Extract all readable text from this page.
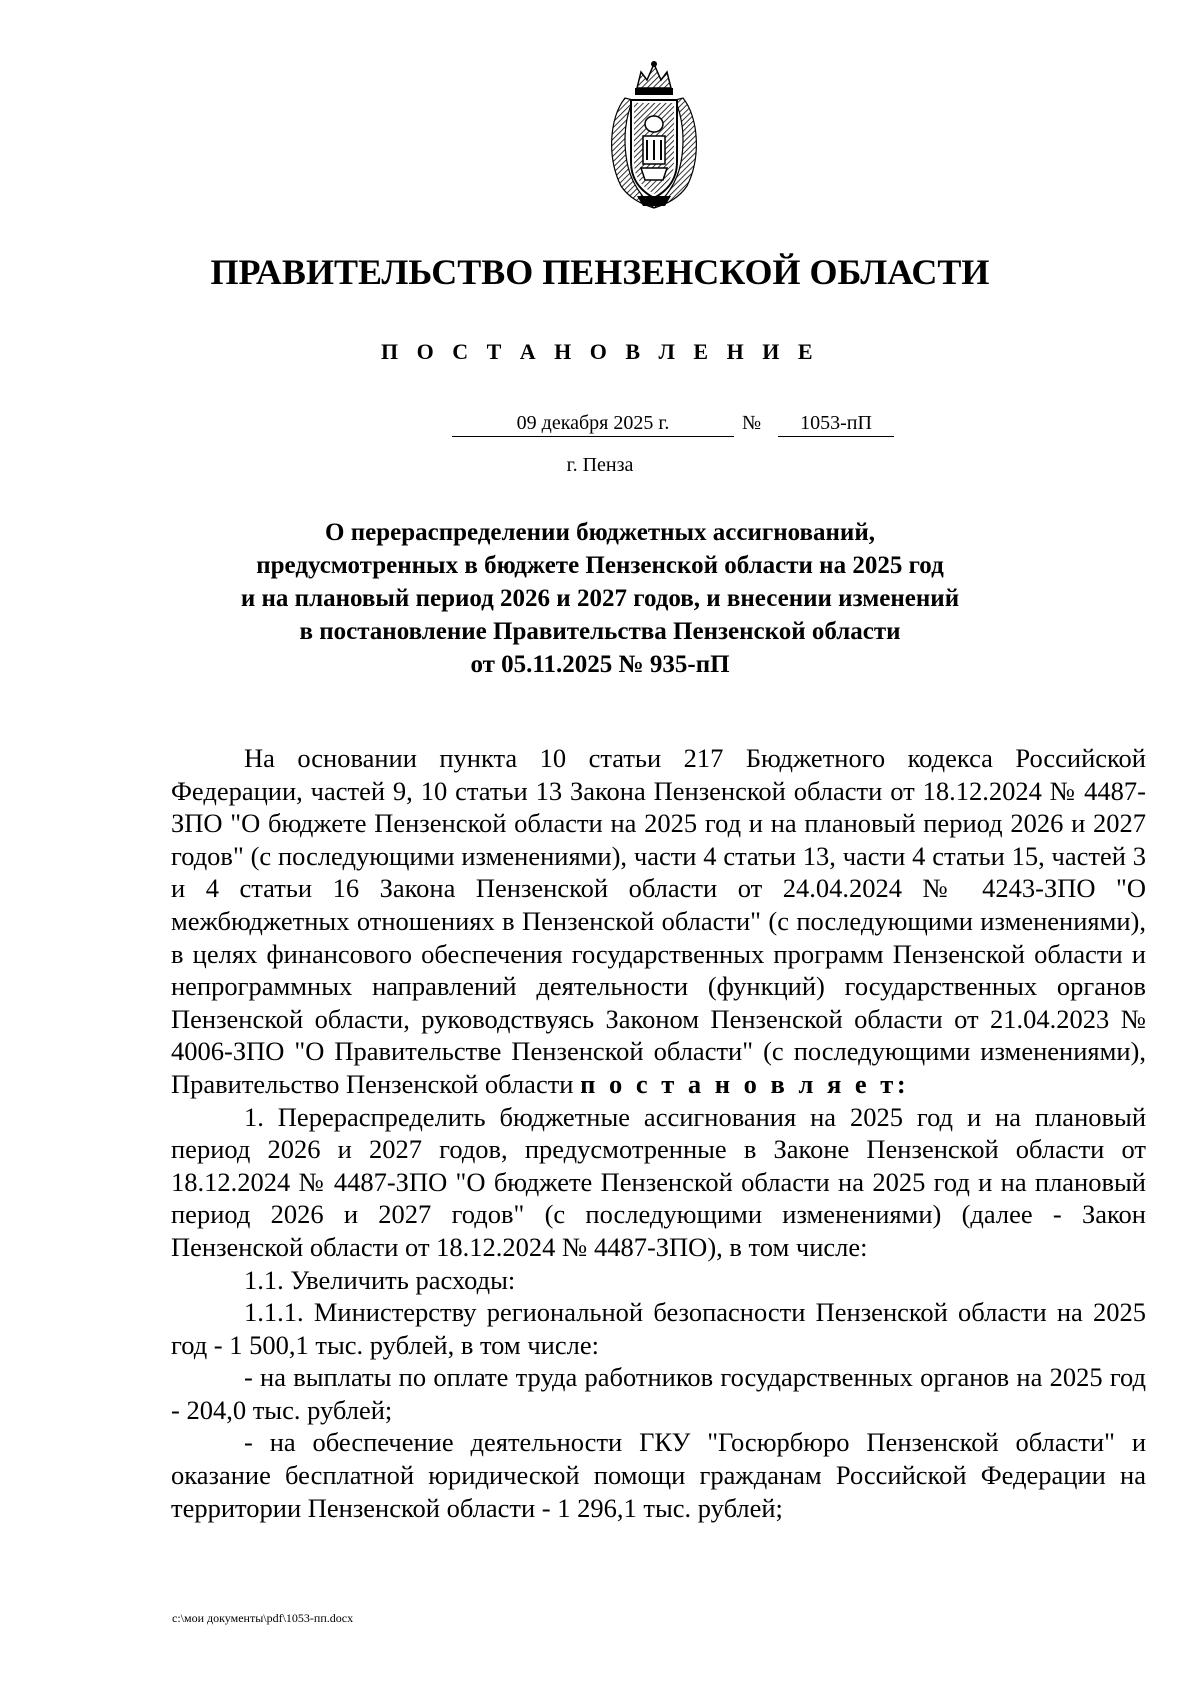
ПРАВИТЕЛЬСТВО ПЕНЗЕНСКОЙ ОБЛАСТИ
П О С Т А Н О В Л Е Н И Е
09 декабря 2025 г.	№	1053-пП
г. Пенза
О перераспределении бюджетных ассигнований,
предусмотренных в бюджете Пензенской области на 2025 год
и на плановый период 2026 и 2027 годов, и внесении изменений
в постановление Правительства Пензенской области
от 05.11.2025 № 935-пП

На основании пункта 10 статьи 217 Бюджетного кодекса Российской Федерации, частей 9, 10 статьи 13 Закона Пензенской области от 18.12.2024 № 4487-ЗПО "О бюджете Пензенской области на 2025 год и на плановый период 2026 и 2027 годов" (с последующими изменениями), части 4 статьи 13, части 4 статьи 15, частей 3 и 4 статьи 16 Закона Пензенской области от 24.04.2024 № 4243-ЗПО "О межбюджетных отношениях в Пензенской области" (с последующими изменениями), в целях финансового обеспечения государственных программ Пензенской области и непрограммных направлений деятельности (функций) государственных органов Пензенской области, руководствуясь Законом Пензенской области от 21.04.2023 № 4006-ЗПО "О Правительстве Пензенской области" (с последующими изменениями), Правительство Пензенской области п о с т а н о в л я е т:

1. Перераспределить бюджетные ассигнования на 2025 год и на плановый период 2026 и 2027 годов, предусмотренные в Законе Пензенской области от 18.12.2024 № 4487-ЗПО "О бюджете Пензенской области на 2025 год и на плановый период 2026 и 2027 годов" (с последующими изменениями) (далее - Закон Пензенской области от 18.12.2024 № 4487-ЗПО), в том числе:

1.1. Увеличить расходы:

1.1.1. Министерству региональной безопасности Пензенской области на 2025 год - 1 500,1 тыс. рублей, в том числе:

- на выплаты по оплате труда работников государственных органов на 2025 год - 204,0 тыс. рублей;

- на обеспечение деятельности ГКУ "Госюрбюро Пензенской области" и оказание бесплатной юридической помощи гражданам Российской Федерации на территории Пензенской области - 1 296,1 тыс. рублей;

c:\мои документы\pdf\1053-пп.docx
